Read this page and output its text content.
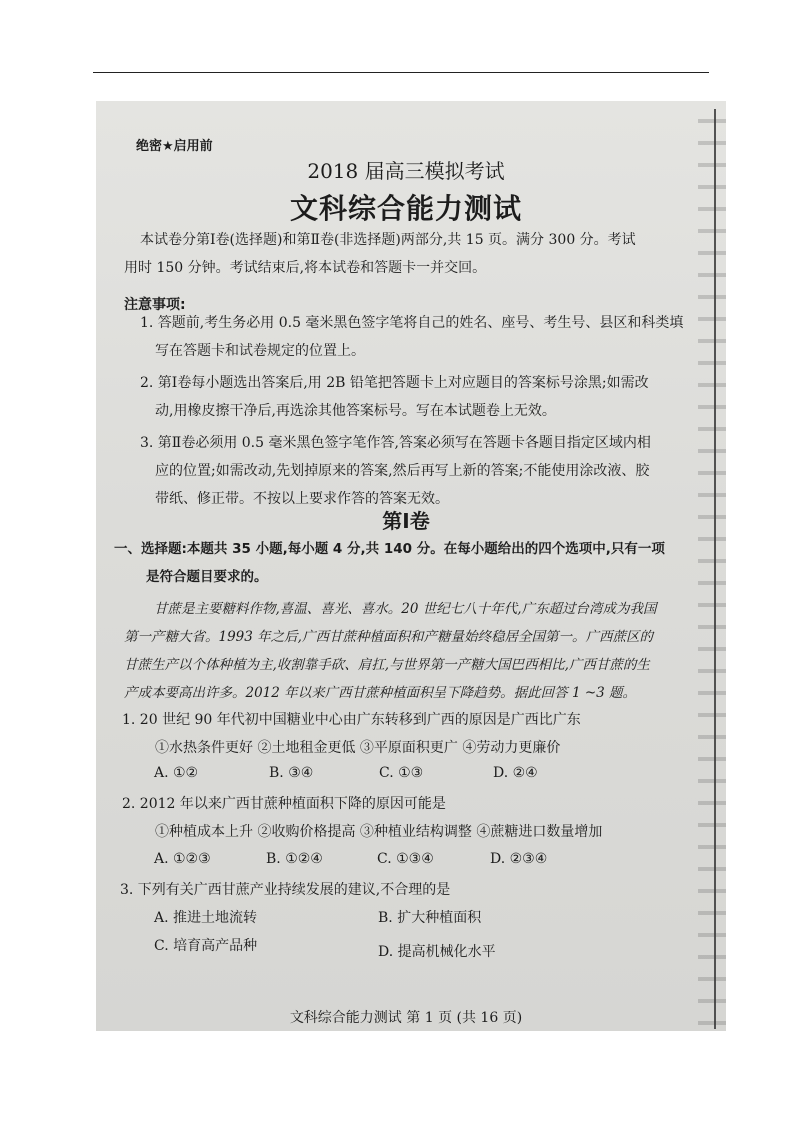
绝密★启用前
2018 届高三模拟考试
文科综合能力测试
本试卷分第Ⅰ卷(选择题)和第Ⅱ卷(非选择题)两部分,共 15 页。满分 300 分。考试
用时 150 分钟。考试结束后,将本试卷和答题卡一并交回。
注意事项:
1. 答题前,考生务必用 0.5 毫米黑色签字笔将自己的姓名、座号、考生号、县区和科类填
写在答题卡和试卷规定的位置上。
2. 第Ⅰ卷每小题选出答案后,用 2B 铅笔把答题卡上对应题目的答案标号涂黑;如需改
动,用橡皮擦干净后,再选涂其他答案标号。写在本试题卷上无效。
3. 第Ⅱ卷必须用 0.5 毫米黑色签字笔作答,答案必须写在答题卡各题目指定区域内相
应的位置;如需改动,先划掉原来的答案,然后再写上新的答案;不能使用涂改液、胶
带纸、修正带。不按以上要求作答的答案无效。
第Ⅰ卷
一、选择题:本题共 35 小题,每小题 4 分,共 140 分。在每小题给出的四个选项中,只有一项
是符合题目要求的。
甘蔗是主要糖料作物,喜温、喜光、喜水。20 世纪七八十年代,广东超过台湾成为我国
第一产糖大省。1993 年之后,广西甘蔗种植面积和产糖量始终稳居全国第一。广西蔗区的
甘蔗生产以个体种植为主,收割靠手砍、肩扛,与世界第一产糖大国巴西相比,广西甘蔗的生
产成本要高出许多。2012 年以来广西甘蔗种植面积呈下降趋势。据此回答 1 ~3 题。
1. 20 世纪 90 年代初中国糖业中心由广东转移到广西的原因是广西比广东
①水热条件更好 ②土地租金更低 ③平原面积更广 ④劳动力更廉价
A. ①②	B. ③④	C. ①③	D. ②④
2. 2012 年以来广西甘蔗种植面积下降的原因可能是
①种植成本上升 ②收购价格提高 ③种植业结构调整 ④蔗糖进口数量增加
A. ①②③	B. ①②④	C. ①③④	D. ②③④
3. 下列有关广西甘蔗产业持续发展的建议,不合理的是
A. 推进土地流转	B. 扩大种植面积
C. 培育高产品种	D. 提高机械化水平
文科综合能力测试 第 1 页 (共 16 页)
